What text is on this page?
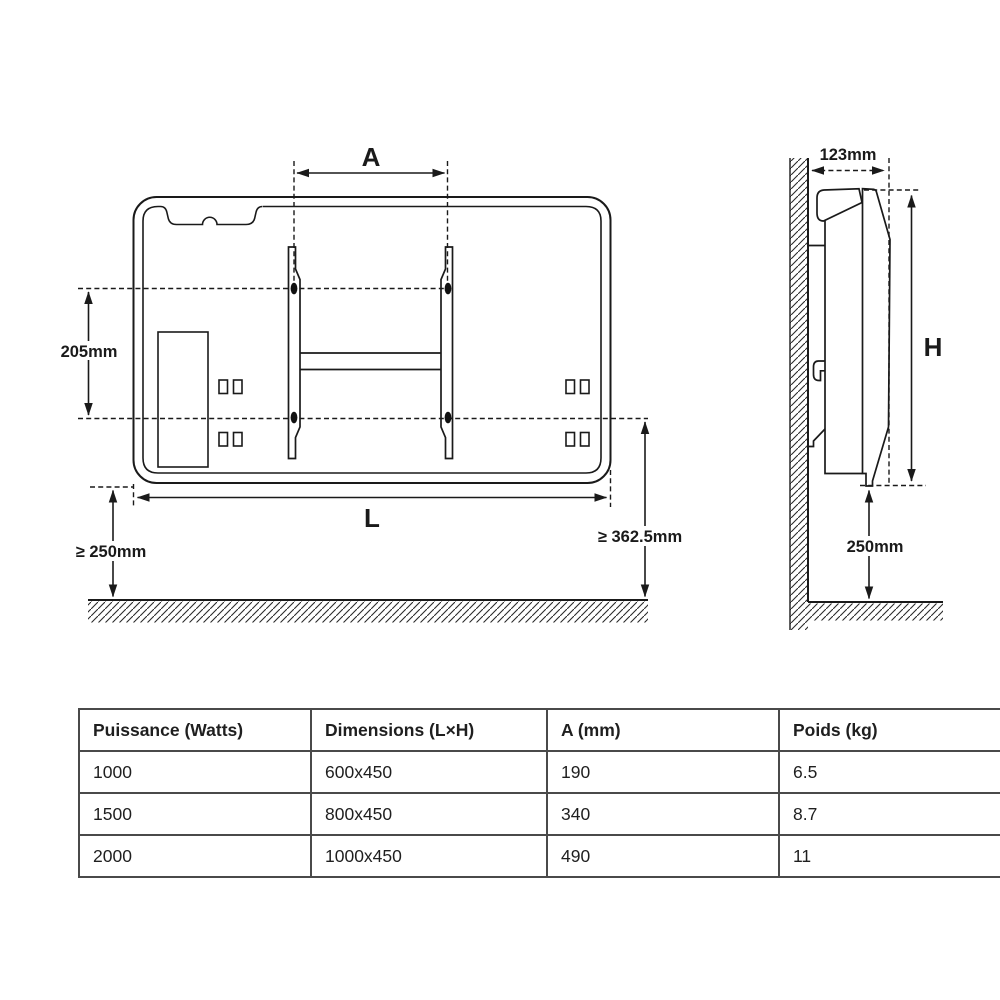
A
L
205mm
≥ 250mm
≥ 362.5mm
123mm
H
250mm
Puissance (Watts)	Dimensions (L×H)	A (mm)	Poids (kg)
1000	600x450	190	6.5
1500	800x450	340	8.7
2000	1000x450	490	11
